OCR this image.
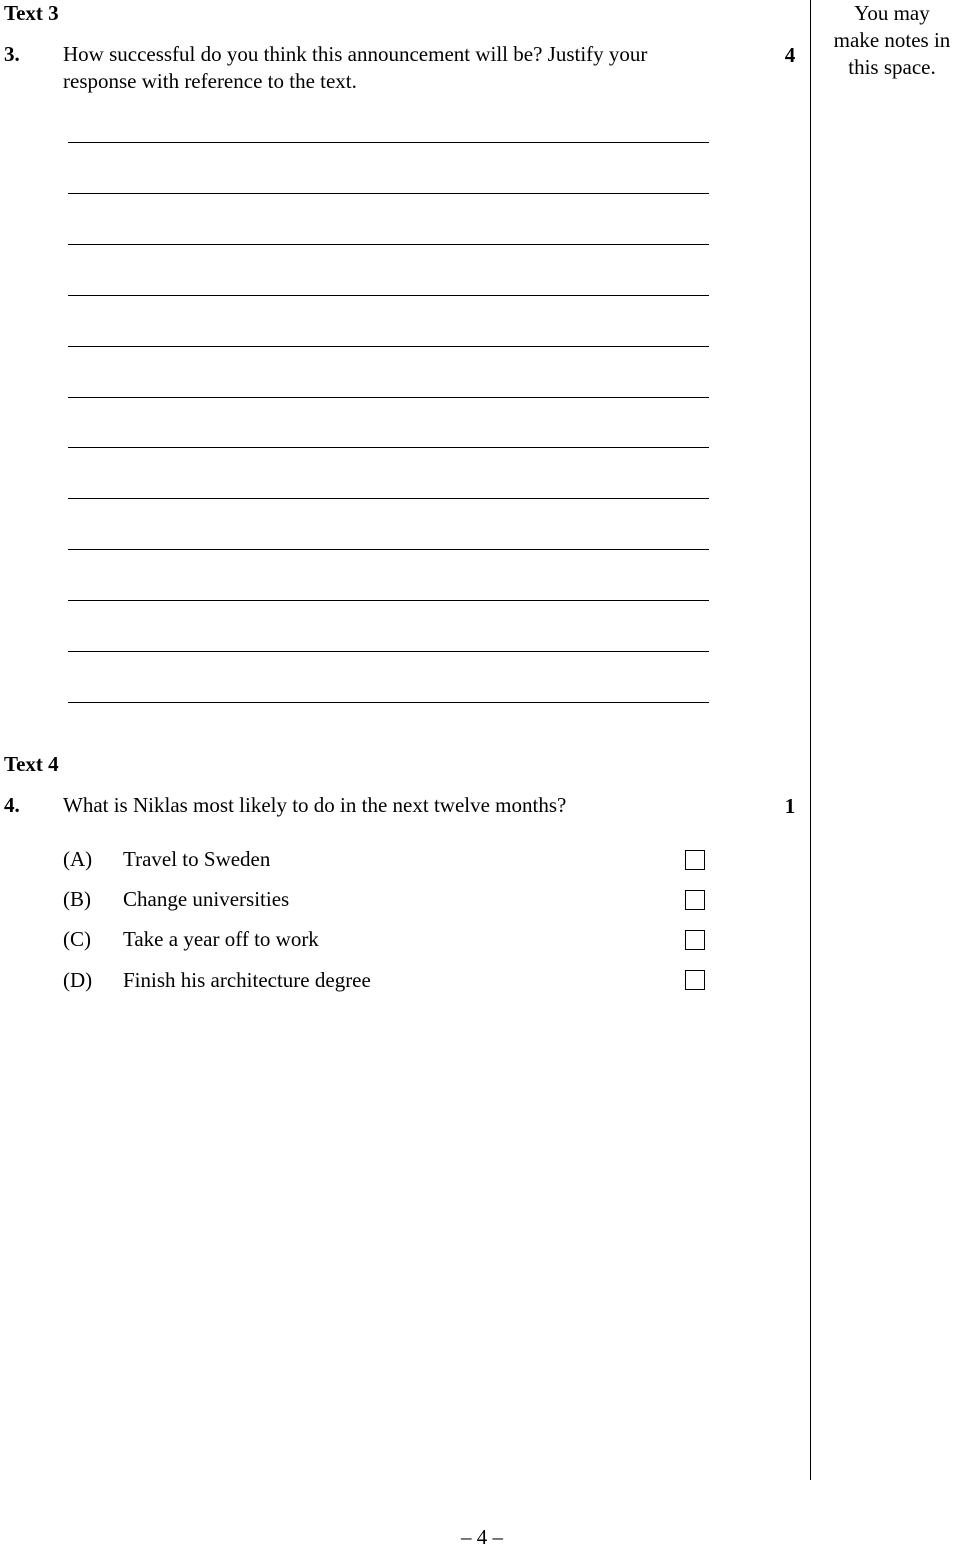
You may
make notes in
this space.
Text 3
3. How successful do you think this announcement will be? Justify your
response with reference to the text.
4
Text 4
4. What is Niklas most likely to do in the next twelve months?	1
(A) Travel to Sweden
(B) Change universities
(C) Take a year off to work
(D) Finish his architecture degree
– 4 –
